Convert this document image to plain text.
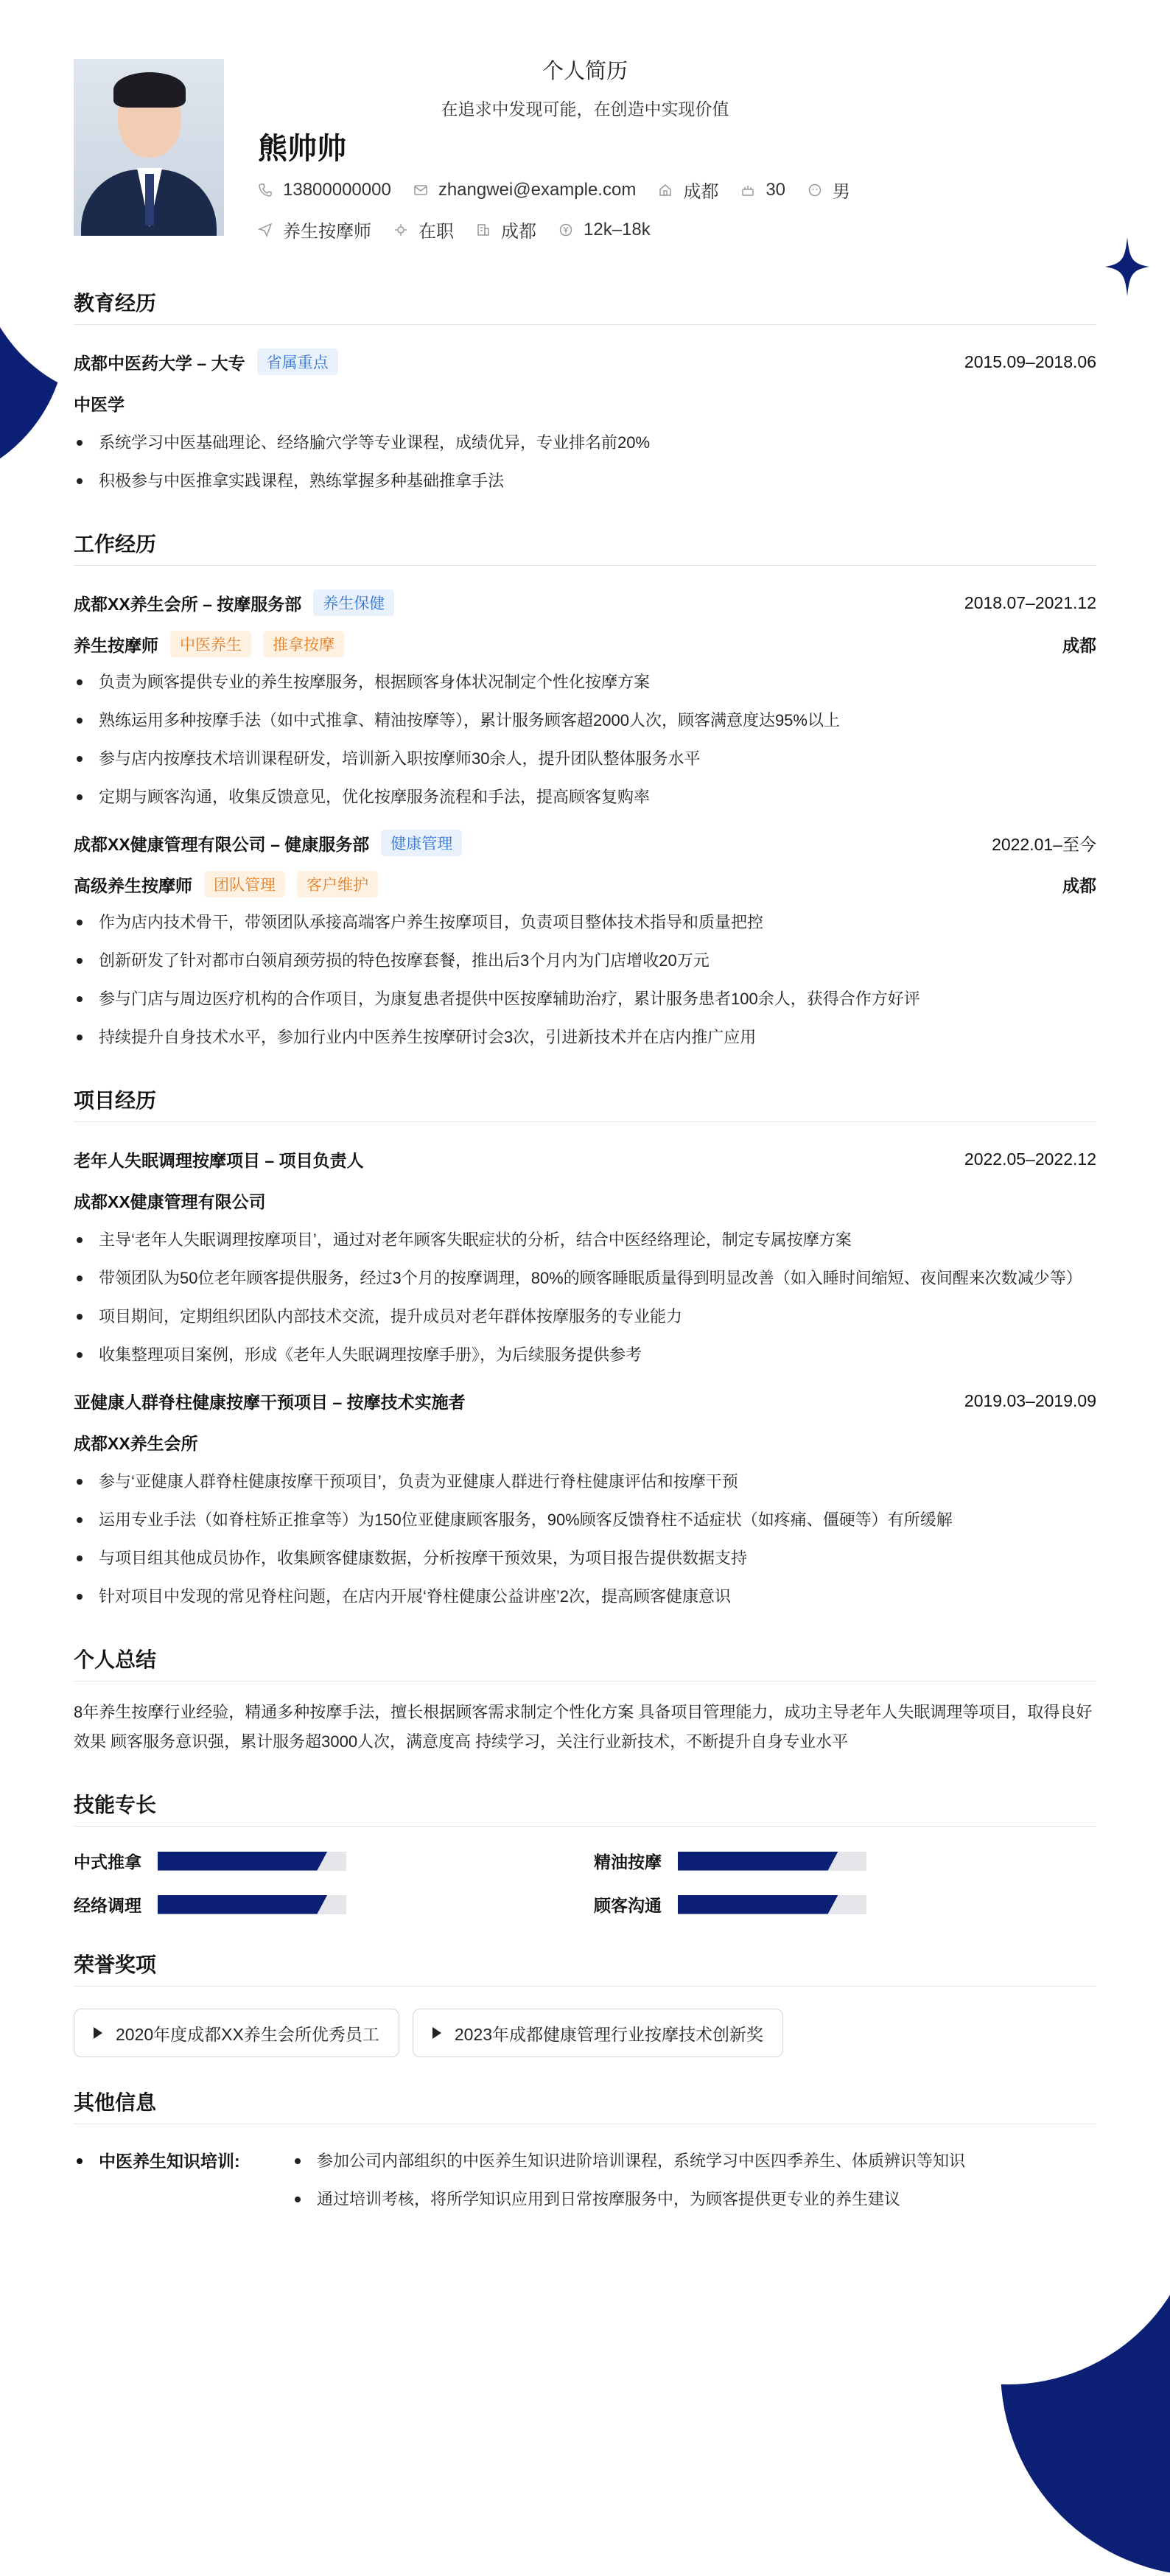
个人简历
在追求中发现可能，在创造中实现价值
熊帅帅
13800000000	zhangwei@example.com	成都	30	男
养生按摩师	在职	成都	12k–18k
教育经历
成都中医药大学 – 大专	省属重点	2015.09–2018.06
中医学
系统学习中医基础理论、经络腧穴学等专业课程，成绩优异，专业排名前20%
积极参与中医推拿实践课程，熟练掌握多种基础推拿手法
工作经历
成都XX养生会所 – 按摩服务部	养生保健	2018.07–2021.12
养生按摩师	中医养生	推拿按摩	成都
负责为顾客提供专业的养生按摩服务，根据顾客身体状况制定个性化按摩方案
熟练运用多种按摩手法（如中式推拿、精油按摩等），累计服务顾客超2000人次，顾客满意度达95%以上
参与店内按摩技术培训课程研发，培训新入职按摩师30余人，提升团队整体服务水平
定期与顾客沟通，收集反馈意见，优化按摩服务流程和手法，提高顾客复购率
成都XX健康管理有限公司 – 健康服务部	健康管理	2022.01–至今
高级养生按摩师	团队管理	客户维护	成都
作为店内技术骨干，带领团队承接高端客户养生按摩项目，负责项目整体技术指导和质量把控
创新研发了针对都市白领肩颈劳损的特色按摩套餐，推出后3个月内为门店增收20万元
参与门店与周边医疗机构的合作项目，为康复患者提供中医按摩辅助治疗，累计服务患者100余人，获得合作方好评
持续提升自身技术水平，参加行业内中医养生按摩研讨会3次，引进新技术并在店内推广应用
项目经历
老年人失眠调理按摩项目 – 项目负责人	2022.05–2022.12
成都XX健康管理有限公司
主导‘老年人失眠调理按摩项目’，通过对老年顾客失眠症状的分析，结合中医经络理论，制定专属按摩方案
带领团队为50位老年顾客提供服务，经过3个月的按摩调理，80%的顾客睡眠质量得到明显改善（如入睡时间缩短、夜间醒来次数减少等）
项目期间，定期组织团队内部技术交流，提升成员对老年群体按摩服务的专业能力
收集整理项目案例，形成《老年人失眠调理按摩手册》，为后续服务提供参考
亚健康人群脊柱健康按摩干预项目 – 按摩技术实施者	2019.03–2019.09
成都XX养生会所
参与‘亚健康人群脊柱健康按摩干预项目’，负责为亚健康人群进行脊柱健康评估和按摩干预
运用专业手法（如脊柱矫正推拿等）为150位亚健康顾客服务，90%顾客反馈脊柱不适症状（如疼痛、僵硬等）有所缓解
与项目组其他成员协作，收集顾客健康数据，分析按摩干预效果，为项目报告提供数据支持
针对项目中发现的常见脊柱问题，在店内开展‘脊柱健康公益讲座’2次，提高顾客健康意识
个人总结
8年养生按摩行业经验，精通多种按摩手法，擅长根据顾客需求制定个性化方案 具备项目管理能力，成功主导老年人失眠调理等项目，取得良好效果 顾客服务意识强，累计服务超3000人次，满意度高 持续学习，关注行业新技术，不断提升自身专业水平
技能专长
中式推拿	精油按摩
经络调理	顾客沟通
荣誉奖项
2020年度成都XX养生会所优秀员工	2023年成都健康管理行业按摩技术创新奖
其他信息
中医养生知识培训:	参加公司内部组织的中医养生知识进阶培训课程，系统学习中医四季养生、体质辨识等知识
通过培训考核，将所学知识应用到日常按摩服务中，为顾客提供更专业的养生建议
